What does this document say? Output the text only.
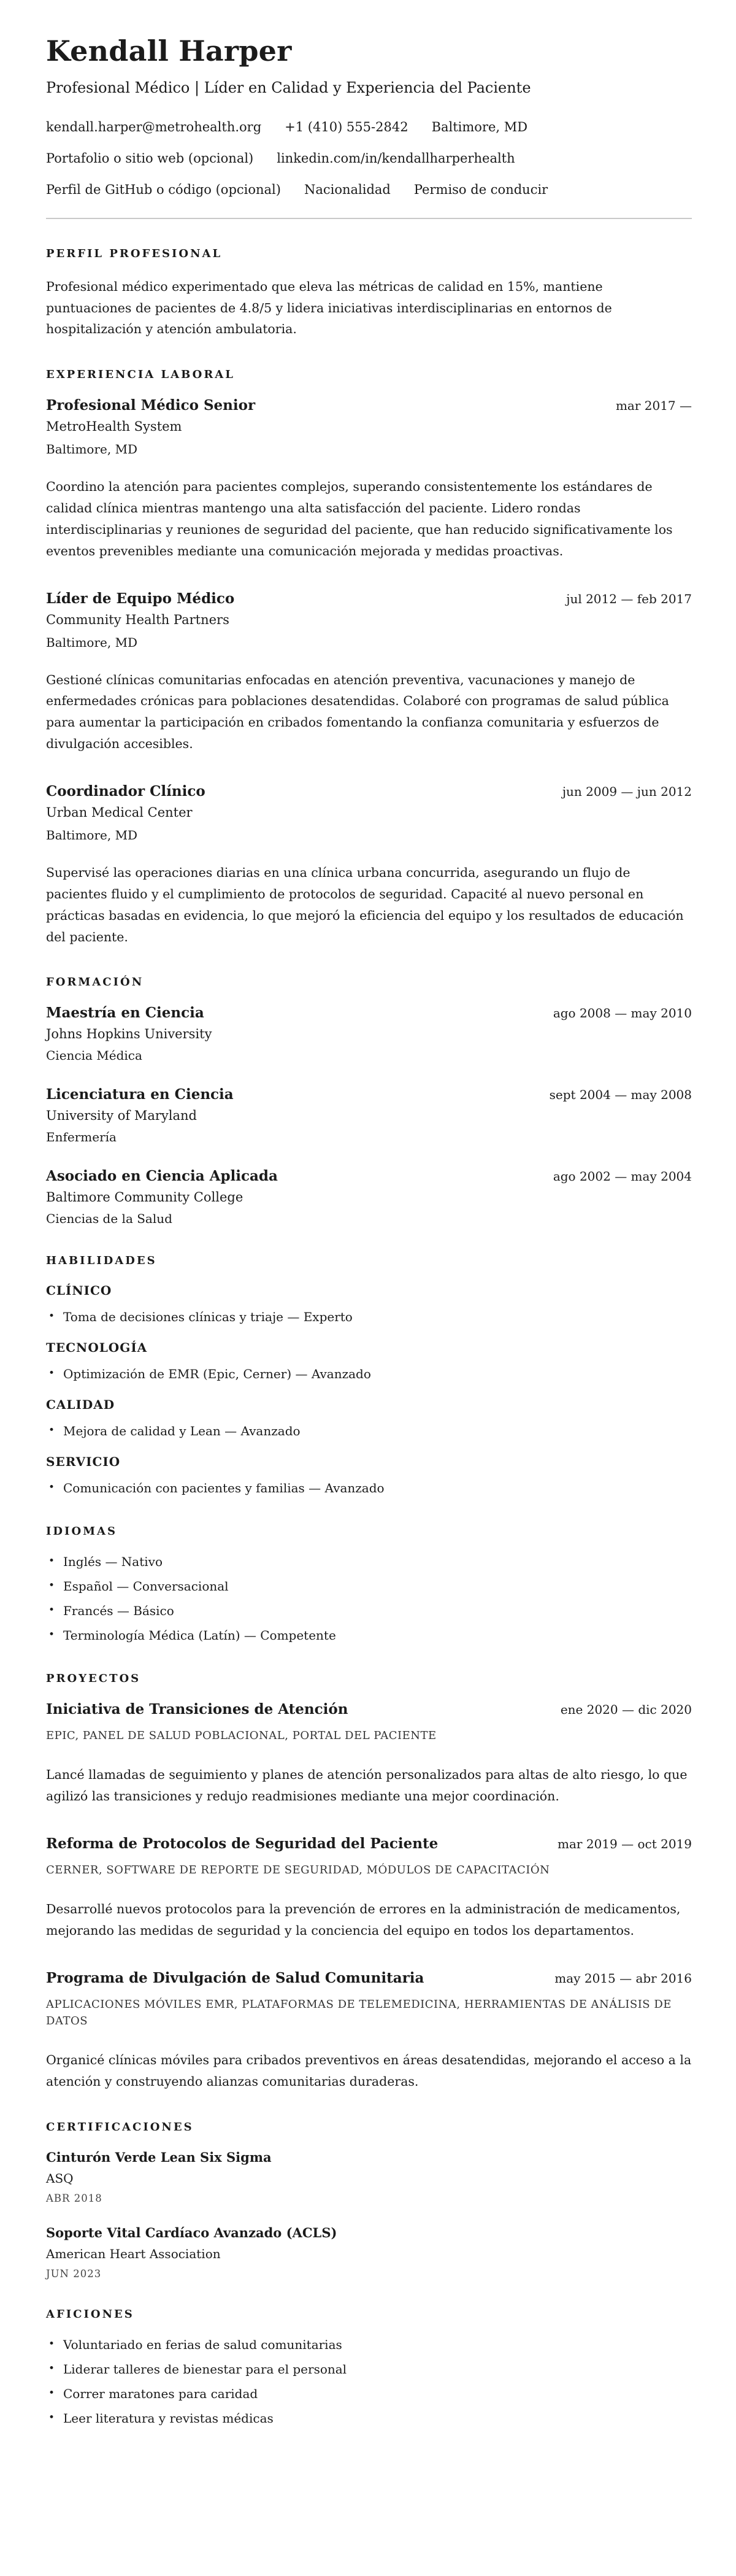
Kendall Harper

Profesional Médico | Líder en Calidad y Experiencia del Paciente

kendall.harper@metrohealth.org +1 (410) 555-2842 Baltimore, MD
Portafolio o sitio web (opcional) linkedin.com/in/kendallharperhealth
Perfil de GitHub o código (opcional) Nacionalidad Permiso de conducir
PERFIL PROFESIONAL

Profesional médico experimentado que eleva las métricas de calidad en 15%, mantiene puntuaciones de pacientes de 4.8/5 y lidera iniciativas interdisciplinarias en entornos de hospitalización y atención ambulatoria.

EXPERIENCIA LABORAL
Profesional Médico Senior	mar 2017 —
MetroHealth System
Baltimore, MD

Coordino la atención para pacientes complejos, superando consistentemente los estándares de calidad clínica mientras mantengo una alta satisfacción del paciente. Lidero rondas interdisciplinarias y reuniones de seguridad del paciente, que han reducido significativamente los eventos prevenibles mediante una comunicación mejorada y medidas proactivas.

Líder de Equipo Médico	jul 2012 — feb 2017
Community Health Partners
Baltimore, MD

Gestioné clínicas comunitarias enfocadas en atención preventiva, vacunaciones y manejo de enfermedades crónicas para poblaciones desatendidas. Colaboré con programas de salud pública para aumentar la participación en cribados fomentando la confianza comunitaria y esfuerzos de divulgación accesibles.

Coordinador Clínico	jun 2009 — jun 2012
Urban Medical Center
Baltimore, MD

Supervisé las operaciones diarias en una clínica urbana concurrida, asegurando un flujo de pacientes fluido y el cumplimiento de protocolos de seguridad. Capacité al nuevo personal en prácticas basadas en evidencia, lo que mejoró la eficiencia del equipo y los resultados de educación del paciente.

FORMACIÓN
Maestría en Ciencia	ago 2008 — may 2010
Johns Hopkins University
Ciencia Médica
Licenciatura en Ciencia	sept 2004 — may 2008
University of Maryland
Enfermería
Asociado en Ciencia Aplicada	ago 2002 — may 2004
Baltimore Community College
Ciencias de la Salud
HABILIDADES
CLÍNICO
• Toma de decisiones clínicas y triaje — Experto
TECNOLOGÍA
• Optimización de EMR (Epic, Cerner) — Avanzado
CALIDAD
• Mejora de calidad y Lean — Avanzado
SERVICIO
• Comunicación con pacientes y familias — Avanzado
IDIOMAS
• Inglés — Nativo
• Español — Conversacional
• Francés — Básico
• Terminología Médica (Latín) — Competente
PROYECTOS
Iniciativa de Transiciones de Atención	ene 2020 — dic 2020
EPIC, PANEL DE SALUD POBLACIONAL, PORTAL DEL PACIENTE

Lancé llamadas de seguimiento y planes de atención personalizados para altas de alto riesgo, lo que agilizó las transiciones y redujo readmisiones mediante una mejor coordinación.

Reforma de Protocolos de Seguridad del Paciente	mar 2019 — oct 2019
CERNER, SOFTWARE DE REPORTE DE SEGURIDAD, MÓDULOS DE CAPACITACIÓN

Desarrollé nuevos protocolos para la prevención de errores en la administración de medicamentos, mejorando las medidas de seguridad y la conciencia del equipo en todos los departamentos.

Programa de Divulgación de Salud Comunitaria	may 2015 — abr 2016
APLICACIONES MÓVILES EMR, PLATAFORMAS DE TELEMEDICINA, HERRAMIENTAS DE ANÁLISIS DE DATOS

Organicé clínicas móviles para cribados preventivos en áreas desatendidas, mejorando el acceso a la atención y construyendo alianzas comunitarias duraderas.

CERTIFICACIONES
Cinturón Verde Lean Six Sigma
ASQ
ABR 2018
Soporte Vital Cardíaco Avanzado (ACLS)
American Heart Association
JUN 2023
AFICIONES
• Voluntariado en ferias de salud comunitarias
• Liderar talleres de bienestar para el personal
• Correr maratones para caridad
• Leer literatura y revistas médicas
